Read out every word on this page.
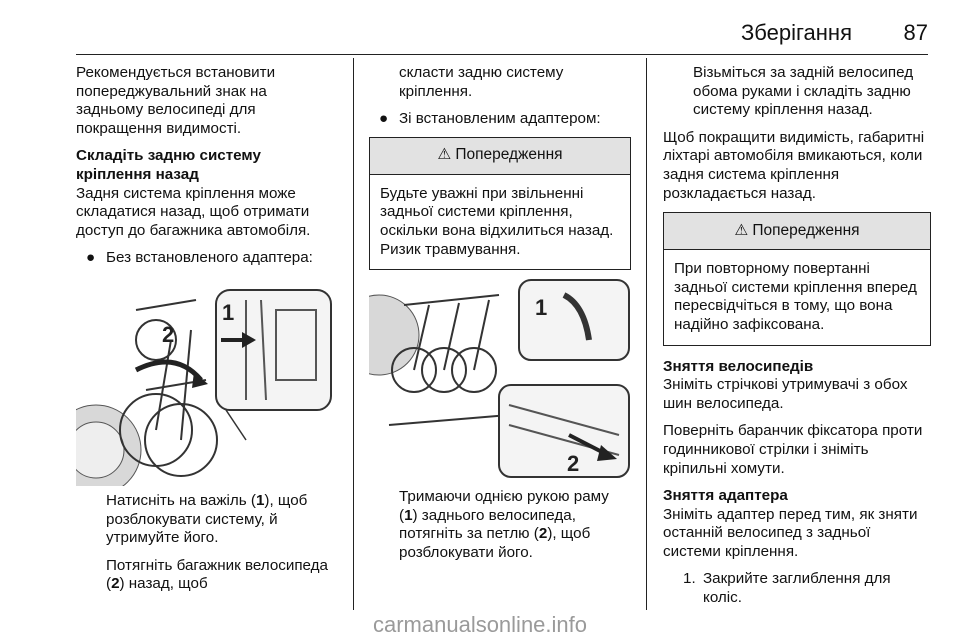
Зберігання 87

Рекомендується встановити попереджувальний знак на задньому велосипеді для покращення видимості.

Складіть задню систему кріплення назад

Задня система кріплення може складатися назад, щоб отримати доступ до багажника автомобіля.

● Без встановленого адаптера:
2
1

Натисніть на важіль (1), щоб розблокувати систему, й утримуйте його.

Потягніть багажник велосипеда (2) назад, щоб

скласти задню систему кріплення.

● Зі встановленим адаптером:
⚠ Попередження
Будьте уважні при звільненні задньої системи кріплення, оскільки вона відхилиться назад. Ризик травмування.
1
2

Тримаючи однією рукою раму (1) заднього велосипеда, потягніть за петлю (2), щоб розблокувати його.

Візьміться за задній велосипед обома руками і складіть задню систему кріплення назад.

Щоб покращити видимість, габаритні ліхтарі автомобіля вмикаються, коли задня система кріплення розкладається назад.

⚠ Попередження
При повторному повертанні задньої системи кріплення вперед пересвідчіться в тому, що вона надійно зафіксована.

Зняття велосипедів

Зніміть стрічкові утримувачі з обох шин велосипеда.

Поверніть баранчик фіксатора проти годинникової стрілки і зніміть кріпильні хомути.

Зняття адаптера

Зніміть адаптер перед тим, як зняти останній велосипед з задньої системи кріплення.

1. Закрийте заглиблення для коліс.
carmanualsonline.info
